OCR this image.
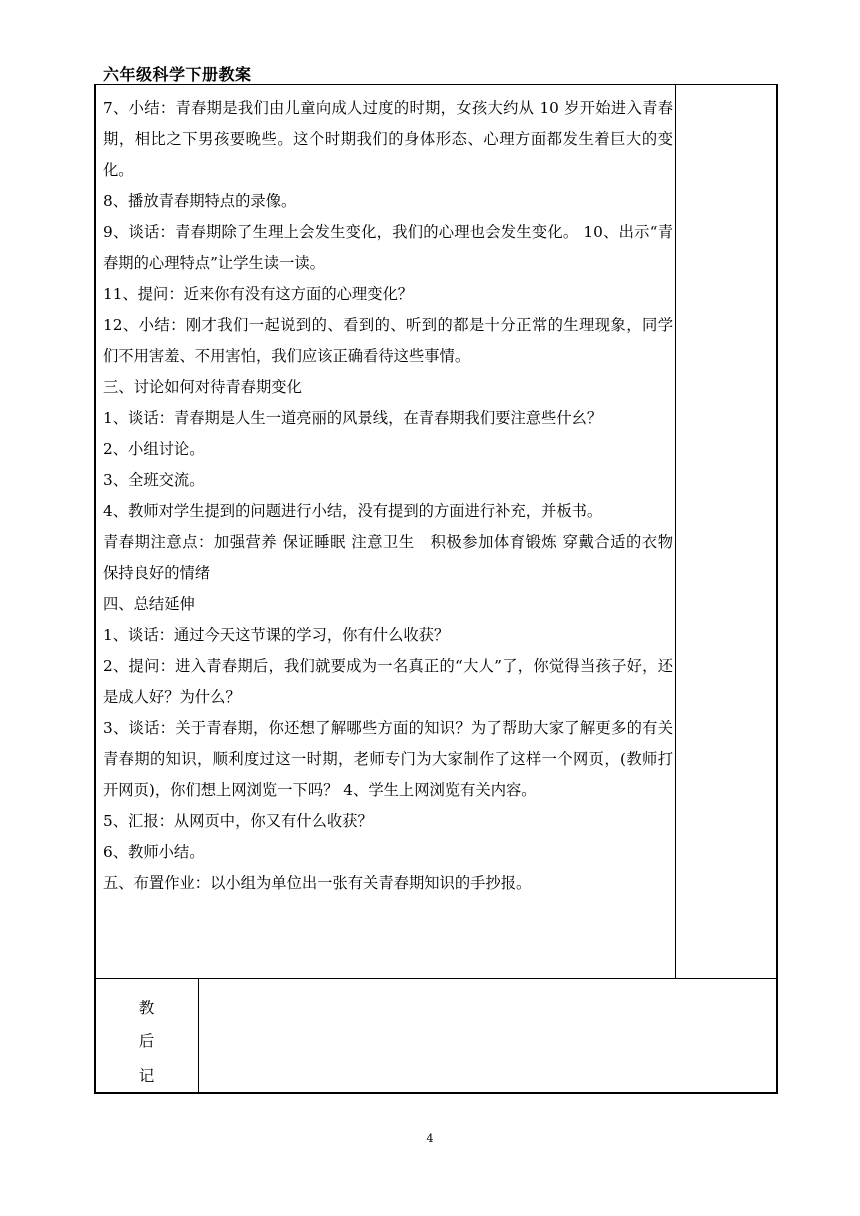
六年级科学下册教案

7、小结：青春期是我们由儿童向成人过度的时期，女孩大约从 10 岁开始进入青春期，相比之下男孩要晚些。这个时期我们的身体形态、心理方面都发生着巨大的变化。

8、播放青春期特点的录像。

9、谈话：青春期除了生理上会发生变化，我们的心理也会发生变化。 10、出示“青春期的心理特点”让学生读一读。

11、提问：近来你有没有这方面的心理变化？

12、小结：刚才我们一起说到的、看到的、听到的都是十分正常的生理现象，同学们不用害羞、不用害怕，我们应该正确看待这些事情。

三、讨论如何对待青春期变化

1、谈话：青春期是人生一道亮丽的风景线，在青春期我们要注意些什幺？

2、小组讨论。

3、全班交流。

4、教师对学生提到的问题进行小结，没有提到的方面进行补充，并板书。

青春期注意点：加强营养 保证睡眠 注意卫生　积极参加体育锻炼 穿戴合适的衣物 保持良好的情绪

四、总结延伸

1、谈话：通过今天这节课的学习，你有什么收获？

2、提问：进入青春期后，我们就要成为一名真正的“大人”了，你觉得当孩子好，还是成人好？为什么？

3、谈话：关于青春期，你还想了解哪些方面的知识？为了帮助大家了解更多的有关青春期的知识，顺利度过这一时期，老师专门为大家制作了这样一个网页，(教师打开网页)，你们想上网浏览一下吗？ 4、学生上网浏览有关内容。

5、汇报：从网页中，你又有什么收获？

6、教师小结。

五、布置作业：以小组为单位出一张有关青春期知识的手抄报。

教
后
记
4
